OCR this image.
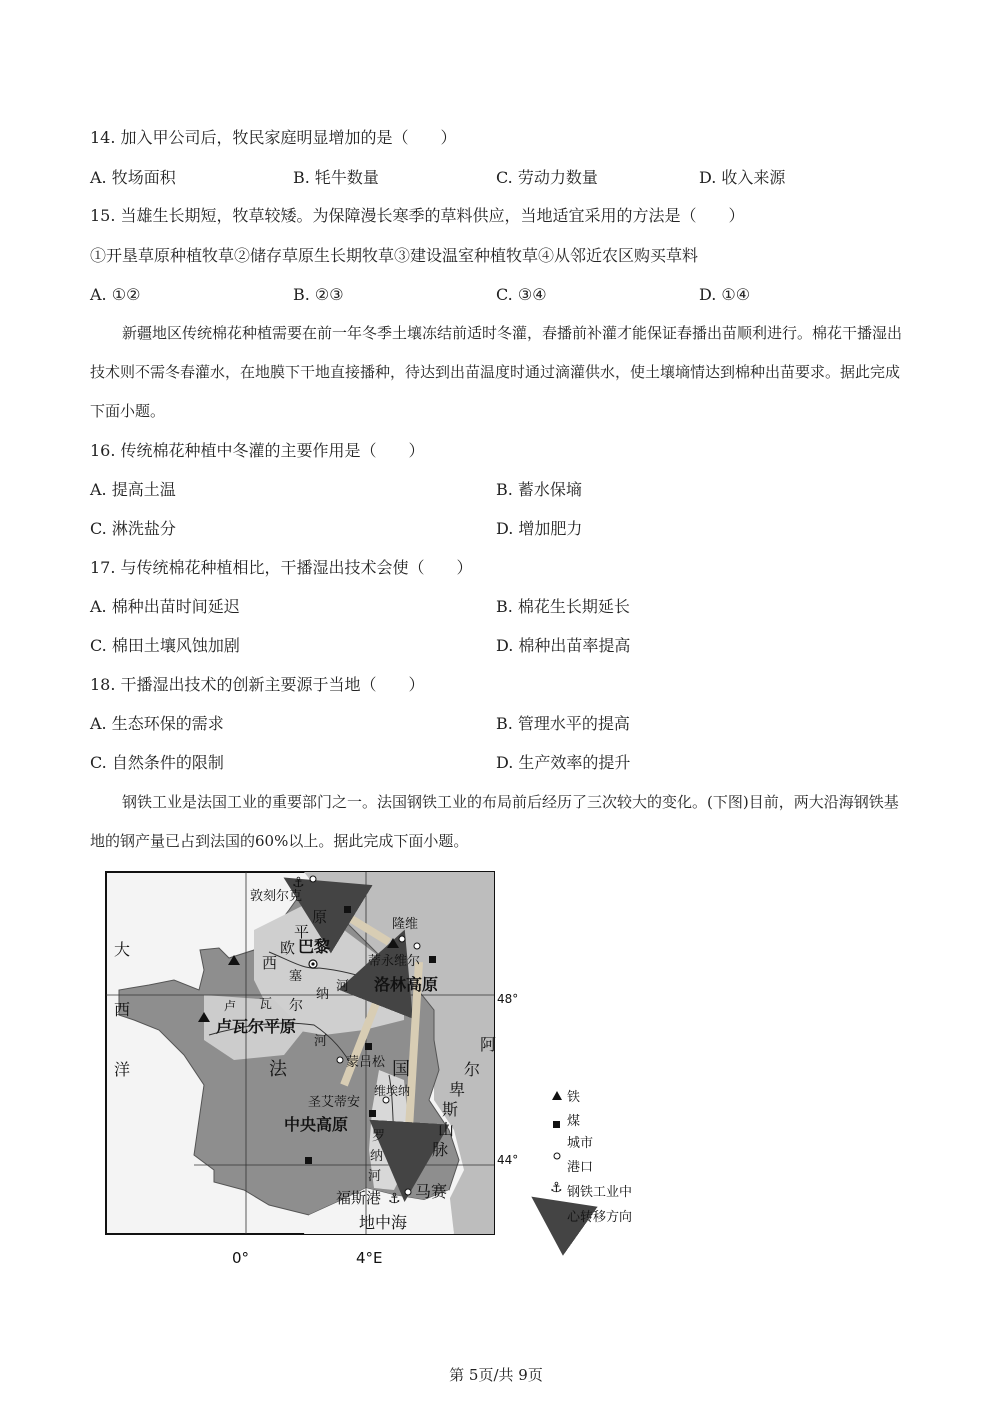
14. 加入甲公司后，牧民家庭明显增加的是（　　）
A. 牧场面积	B. 牦牛数量	C. 劳动力数量	D. 收入来源
15. 当雄生长期短，牧草较矮。为保障漫长寒季的草料供应，当地适宜采用的方法是（　　）
①开垦草原种植牧草②储存草原生长期牧草③建设温室种植牧草④从邻近农区购买草料
A. ①②	B. ②③	C. ③④	D. ①④
新疆地区传统棉花种植需要在前一年冬季土壤冻结前适时冬灌，春播前补灌才能保证春播出苗顺利进行。棉花干播湿出技术则不需冬春灌水，在地膜下干地直接播种，待达到出苗温度时通过滴灌供水，使土壤墒情达到棉种出苗要求。据此完成下面小题。
16. 传统棉花种植中冬灌的主要作用是（　　）
A. 提高土温	B. 蓄水保墒
C. 淋洗盐分	D. 增加肥力
17. 与传统棉花种植相比，干播湿出技术会使（　　）
A. 棉种出苗时间延迟	B. 棉花生长期延长
C. 棉田土壤风蚀加剧	D. 棉种出苗率提高
18. 干播湿出技术的创新主要源于当地（　　）
A. 生态环保的需求	B. 管理水平的提高
C. 自然条件的限制	D. 生产效率的提升
钢铁工业是法国工业的重要部门之一。法国钢铁工业的布局前后经历了三次较大的变化。(下图)目前，两大沿海钢铁基地的钢产量已占到法国的60%以上。据此完成下面小题。
⚓
⚓
敦刻尔克
原
平
欧
西
巴黎
塞
纳
河
隆维
蒂永维尔
洛林高原
大
西
洋
卢 瓦 尔
河
卢瓦尔平原
法	国
蒙吕松
维埃纳
圣艾蒂安
中央高原
罗
纳
河
阿
尔
卑
斯
山
脉
福斯港 马赛
地中海
48°
44°
0°	4°E
铁
煤
城市
港口
⚓ 钢铁工业中
心转移方向
第 5页/共 9页
